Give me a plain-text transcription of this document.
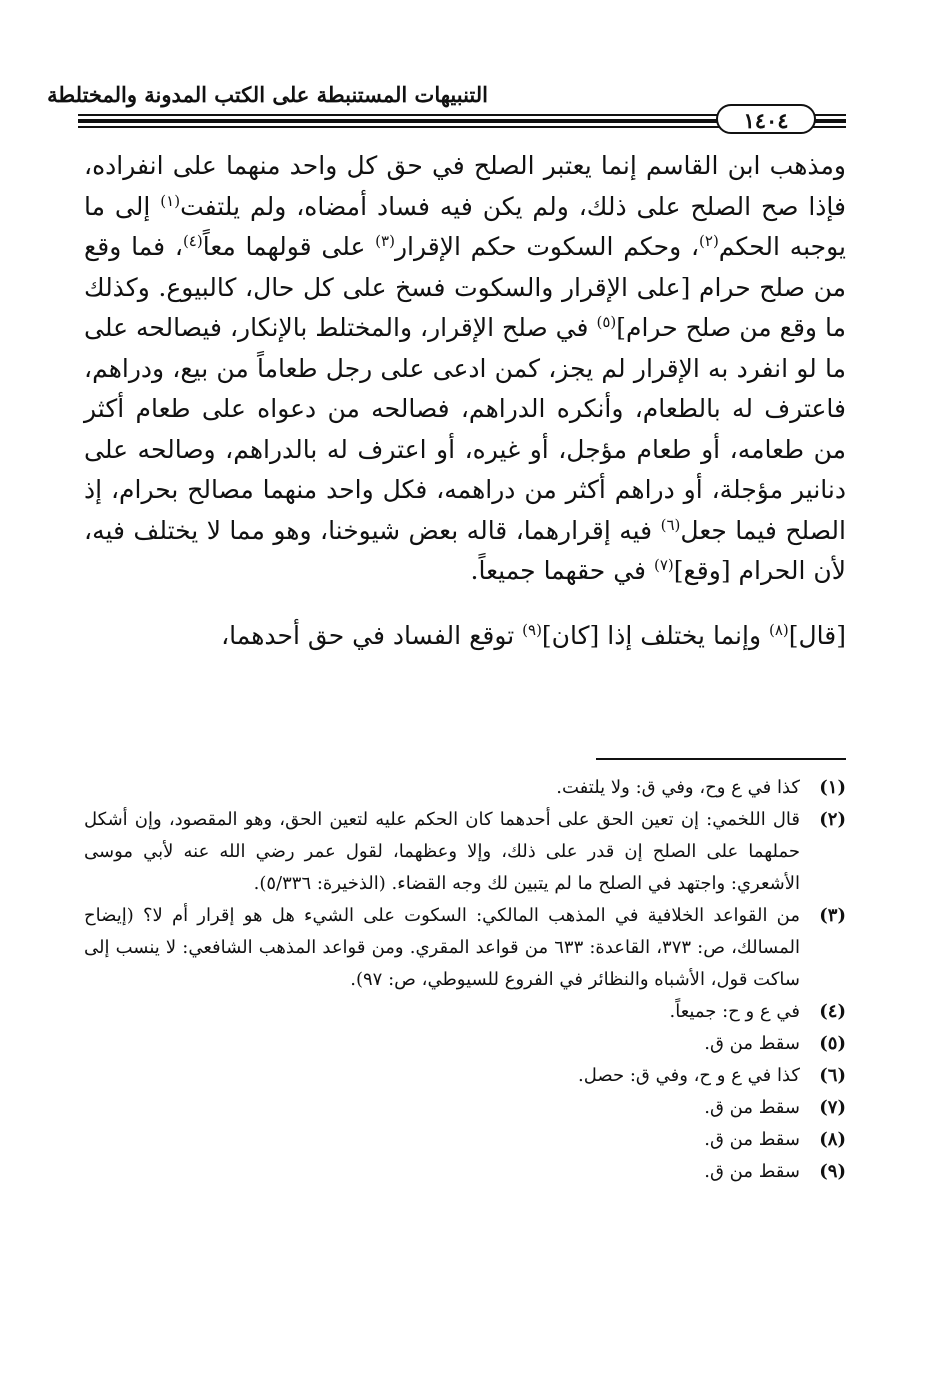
التنبيهات المستنبطة على الكتب المدونة والمختلطة
١٤٠٤

ومذهب ابن القاسم إنما يعتبر الصلح في حق كل واحد منهما على انفراده، فإذا صح الصلح على ذلك، ولم يكن فيه فساد أمضاه، ولم يلتفت$^{(١)}$ إلى ما يوجبه الحكم$^{(٢)}$، وحكم السكوت حكم الإقرار$^{(٣)}$ على قولهما معاً$^{(٤)}$، فما وقع من صلح حرام [على الإقرار والسكوت فسخ على كل حال، كالبيوع. وكذلك ما وقع من صلح حرام]$^{(٥)}$ في صلح الإقرار، والمختلط بالإنكار، فيصالحه على ما لو انفرد به الإقرار لم يجز، كمن ادعى على رجل طعاماً من بيع، ودراهم، فاعترف له بالطعام، وأنكره الدراهم، فصالحه من دعواه على طعام أكثر من طعامه، أو طعام مؤجل، أو غيره، أو اعترف له بالدراهم، وصالحه على دنانير مؤجلة، أو دراهم أكثر من دراهمه، فكل واحد منهما مصالح بحرام، إذ الصلح فيما جعل$^{(٦)}$ فيه إقرارهما، قاله بعض شيوخنا، وهو مما لا يختلف فيه، لأن الحرام [وقع]$^{(٧)}$ في حقهما جميعاً.

[قال]$^{(٨)}$ وإنما يختلف إذا [كان]$^{(٩)}$ توقع الفساد في حق أحدهما،

(١)
كذا في ع وح، وفي ق: ولا يلتفت.
(٢)
قال اللخمي: إن تعين الحق على أحدهما كان الحكم عليه لتعين الحق، وهو المقصود، وإن أشكل حملهما على الصلح إن قدر على ذلك، وإلا وعظهما، لقول عمر رضي الله عنه لأبي موسى الأشعري: واجتهد في الصلح ما لم يتبين لك وجه القضاء. (الذخيرة: ٥/٣٣٦).
(٣)
من القواعد الخلافية في المذهب المالكي: السكوت على الشيء هل هو إقرار أم لا؟ (إيضاح المسالك، ص: ٣٧٣، القاعدة: ٦٣٣ من قواعد المقري. ومن قواعد المذهب الشافعي: لا ينسب إلى ساكت قول، الأشباه والنظائر في الفروع للسيوطي، ص: ٩٧).
(٤)
في ع و ح: جميعاً.
(٥)
سقط من ق.
(٦)
كذا في ع و ح، وفي ق: حصل.
(٧)
سقط من ق.
(٨)
سقط من ق.
(٩)
سقط من ق.
